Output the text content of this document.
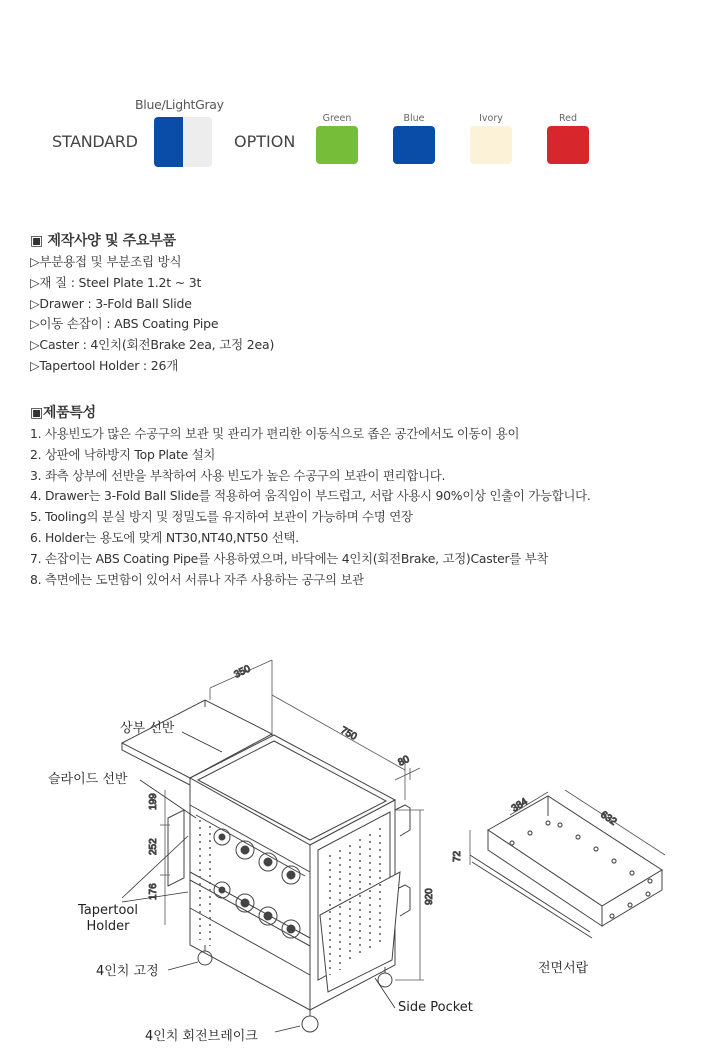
Blue/LightGray
STANDARD	OPTION
Green	Blue	Ivory	Red
▣ 제작사양 및 주요부품
▷부분용접 및 부분조립 방식
▷재 질 : Steel Plate 1.2t ~ 3t
▷Drawer : 3-Fold Ball Slide
▷이동 손잡이 : ABS Coating Pipe
▷Caster : 4인치(회전Brake 2ea, 고정 2ea)
▷Tapertool Holder : 26개
▣제품특성
1. 사용빈도가 많은 수공구의 보관 및 관리가 편리한 이동식으로 좁은 공간에서도 이동이 용이
2. 상판에 낙하방지 Top Plate 설치
3. 좌측 상부에 선반을 부착하여 사용 빈도가 높은 수공구의 보관이 편리합니다.
4. Drawer는 3-Fold Ball Slide를 적용하여 움직임이 부드럽고, 서랍 사용시 90%이상 인출이 가능합니다.
5. Tooling의 분실 방지 및 정밀도를 유지하여 보관이 가능하며 수명 연장
6. Holder는 용도에 맞게 NT30,NT40,NT50 선택.
7. 손잡이는 ABS Coating Pipe를 사용하였으며, 바닥에는 4인치(회전Brake, 고정)Caster를 부착
8. 측면에는 도면함이 있어서 서류나 자주 사용하는 공구의 보관
350
750
80
199
252
176	920
384
632
72
상부 선반
슬라이드 선반
Tapertool
Holder
4인치 고정
Side Pocket
4인치 회전브레이크
전면서랍
